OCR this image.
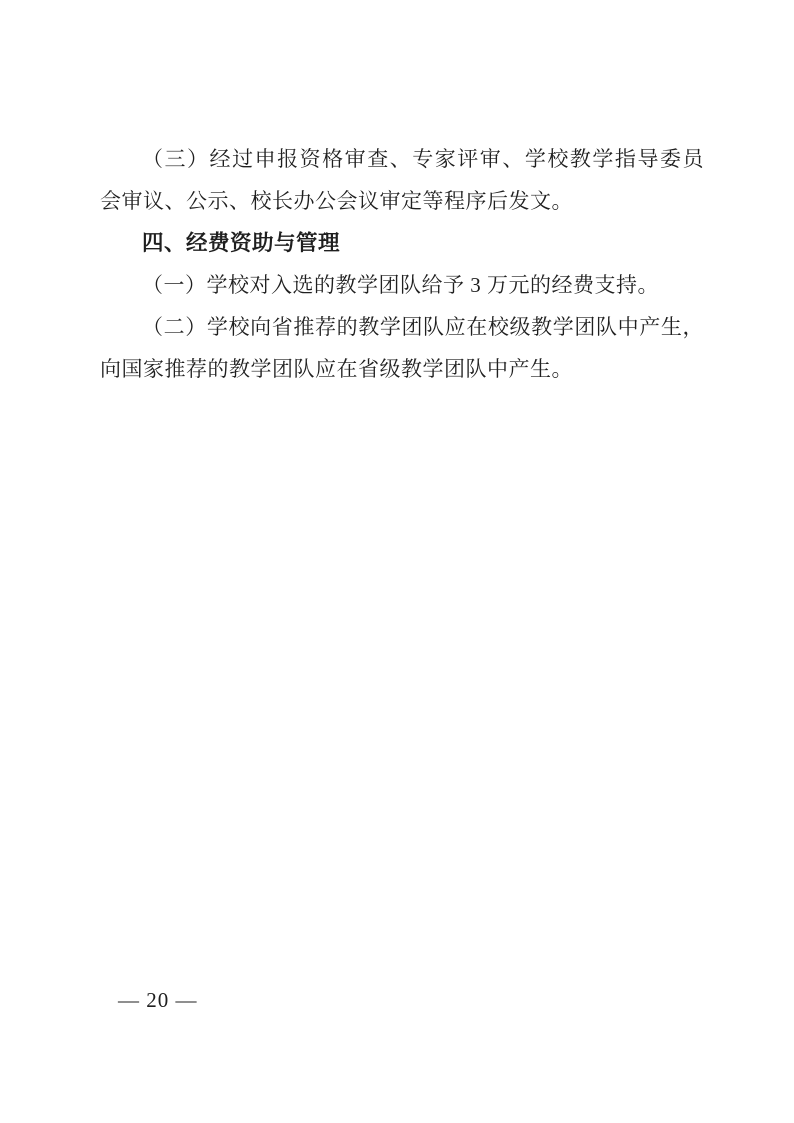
（三）经过申报资格审查、专家评审、学校教学指导委员
会审议、公示、校长办公会议审定等程序后发文。
四、经费资助与管理
（一）学校对入选的教学团队给予 3 万元的经费支持。
（二）学校向省推荐的教学团队应在校级教学团队中产生，
向国家推荐的教学团队应在省级教学团队中产生。
— 20 —
